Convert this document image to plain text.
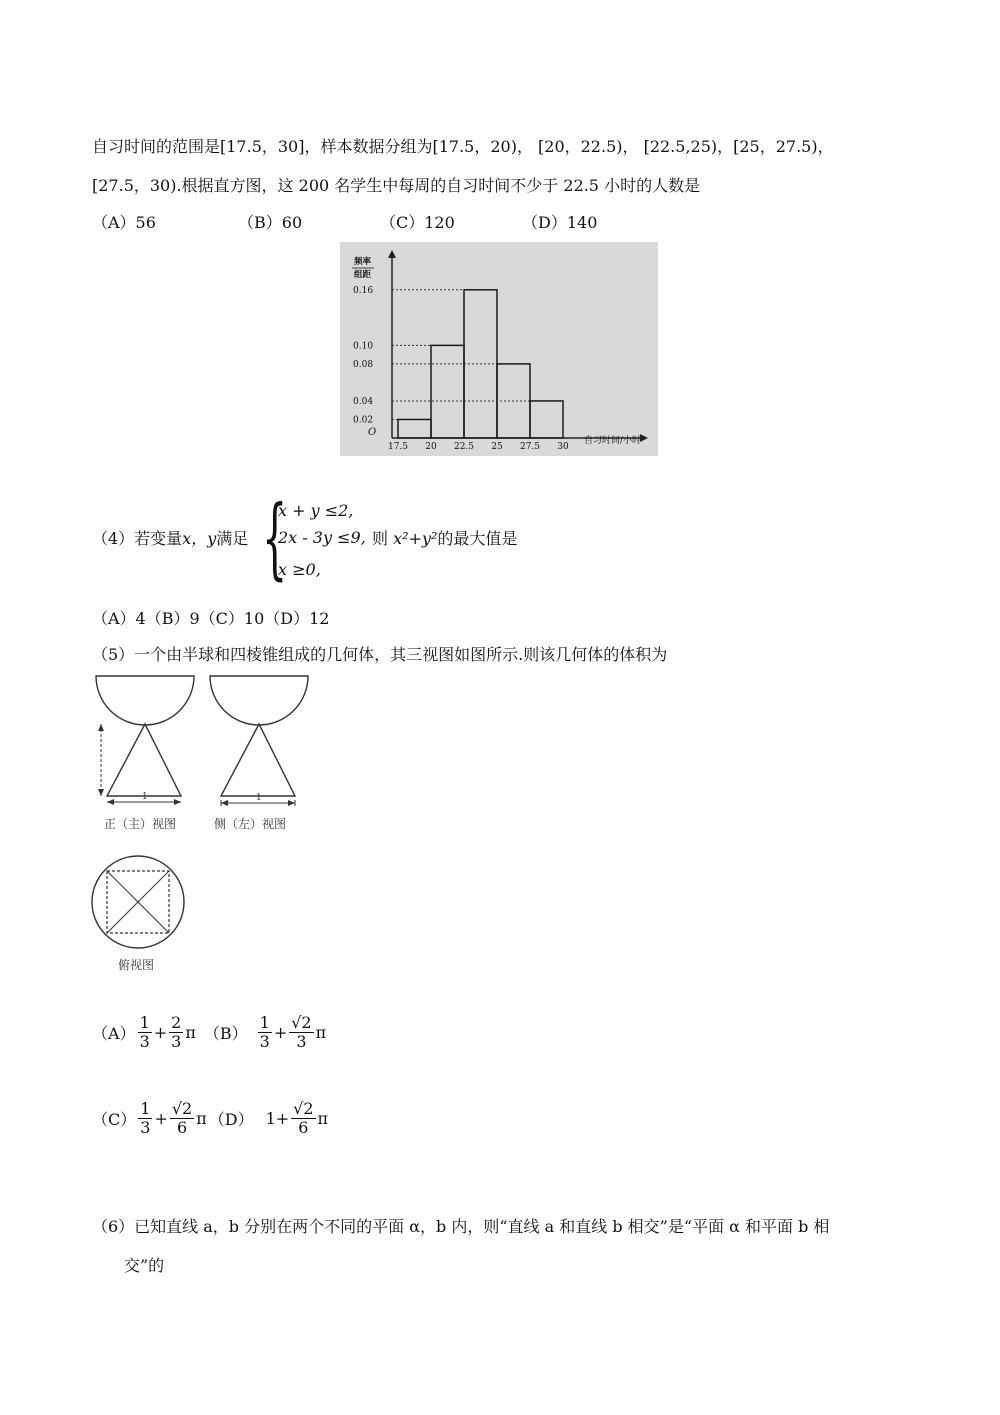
自习时间的范围是[17.5，30]，样本数据分组为[17.5，20)， [20，22.5)， [22.5,25)，[25，27.5)，
[27.5，30).根据直方图，这 200 名学生中每周的自习时间不少于 22.5 小时的人数是
（A）56	（B）60	（C）120	（D）140
频率
组距
O
自习时间/小时
0.02
0.04
0.08
0.10
0.16
17.5 20 22.5 25 27.5 30
（4）若变量x，y满足 {
x + y ≤2,
2x - 3y ≤9,
x ≥0,
则 x²+y²的最大值是
（A）4（B）9（C）10（D）12
（5）一个由半球和四棱锥组成的几何体，其三视图如图所示.则该几何体的体积为
1
正（主）视图
1
侧（左）视图
俯视图
$(A) \frac{1}{3} + \frac{2}{3}$ π $(B) \frac{1}{3} + \frac{√2}{3}$ π
$(C) \frac{1}{3} + \frac{√2}{6}$ π （D） $1+ \frac{√2}{6}$ π
（6）已知直线 a，b 分别在两个不同的平面 α，b 内，则“直线 a 和直线 b 相交”是“平面 α 和平面 b 相
交”的
